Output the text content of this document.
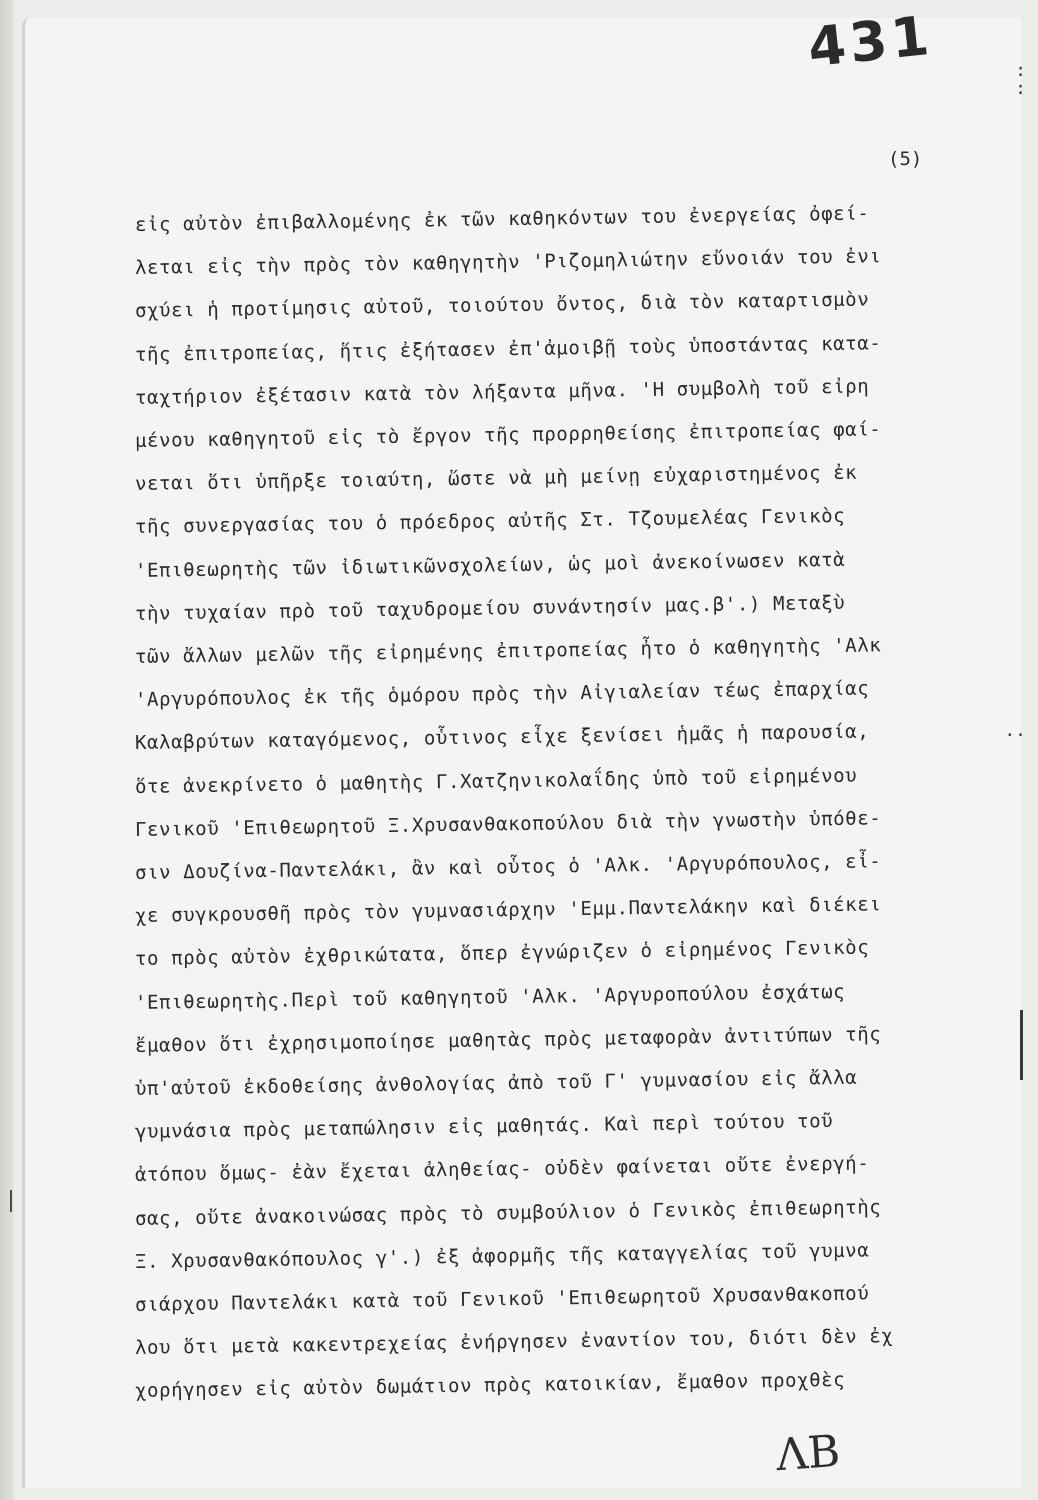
431
(5)
εἰς αὐτὸν ἐπιβαλλομένης ἐκ τῶν καθηκόντων του ἐνεργείας ὀφεί-
λεται εἰς τὴν πρὸς τὸν καθηγητὴν 'Ριζομηλιώτην εὔνοιάν του ἐνι
σχύει ἡ προτίμησις αὐτοῦ, τοιούτου ὄντος, διὰ τὸν καταρτισμὸν
τῆς ἐπιτροπείας, ἥτις ἐξήτασεν ἐπ'ἀμοιβῇ τοὺς ὑποστάντας κατα-
ταχτήριον ἐξέτασιν κατὰ τὸν λήξαντα μῆνα. 'Η συμβολὴ τοῦ εἰρη
μένου καθηγητοῦ εἰς τὸ ἔργον τῆς προρρηθείσης ἐπιτροπείας φαί-
νεται ὅτι ὑπῆρξε τοιαύτη, ὥστε νὰ μὴ μείνῃ εὐχαριστημένος ἐκ
τῆς συνεργασίας του ὁ πρόεδρος αὐτῆς Στ. Τζουμελέας Γενικὸς
'Επιθεωρητὴς τῶν ἰδιωτικῶνσχολείων, ὡς μοὶ ἀνεκοίνωσεν κατὰ
τὴν τυχαίαν πρὸ τοῦ ταχυδρομείου συνάντησίν μας.β'.) Μεταξὺ
τῶν ἄλλων μελῶν τῆς εἰρημένης ἐπιτροπείας ἦτο ὁ καθηγητὴς 'Αλκ
'Αργυρόπουλος ἐκ τῆς ὁμόρου πρὸς τὴν Αἰγιαλείαν τέως ἐπαρχίας
Καλαβρύτων καταγόμενος, οὗτινος εἶχε ξενίσει ἡμᾶς ἡ παρουσία,
ὅτε ἀνεκρίνετο ὁ μαθητὴς Γ.Χατζηνικολαΐδης ὑπὸ τοῦ εἰρημένου
Γενικοῦ 'Επιθεωρητοῦ Ξ.Χρυσανθακοπούλου διὰ τὴν γνωστὴν ὑπόθε-
σιν Δουζίνα-Παντελάκι, ἂν καὶ οὗτος ὁ 'Αλκ. 'Αργυρόπουλος, εἶ-
χε συγκρουσθῆ πρὸς τὸν γυμνασιάρχην 'Εμμ.Παντελάκην καὶ διέκει
το πρὸς αὐτὸν ἐχθρικώτατα, ὅπερ ἐγνώριζεν ὁ εἰρημένος Γενικὸς
'Επιθεωρητὴς.Περὶ τοῦ καθηγητοῦ 'Αλκ. 'Αργυροπούλου ἐσχάτως
ἔμαθον ὅτι ἐχρησιμοποίησε μαθητὰς πρὸς μεταφορὰν ἀντιτύπων τῆς
ὑπ'αὐτοῦ ἐκδοθείσης ἀνθολογίας ἀπὸ τοῦ Γ' γυμνασίου εἰς ἄλλα
γυμνάσια πρὸς μεταπώλησιν εἰς μαθητάς. Καὶ περὶ τούτου τοῦ
ἀτόπου ὅμως- ἐὰν ἔχεται ἀληθείας- οὐδὲν φαίνεται οὔτε ἐνεργή-
σας, οὔτε ἀνακοινώσας πρὸς τὸ συμβούλιον ὁ Γενικὸς ἐπιθεωρητὴς
Ξ. Χρυσανθακόπουλος γ'.) ἐξ ἀφορμῆς τῆς καταγγελίας τοῦ γυμνα
σιάρχου Παντελάκι κατὰ τοῦ Γενικοῦ 'Επιθεωρητοῦ Χρυσανθακοπού
λου ὅτι μετὰ κακεντρεχείας ἐνήργησεν ἐναντίον του, διότι δὲν ἐχ
χορήγησεν εἰς αὐτὸν δωμάτιον πρὸς κατοικίαν, ἔμαθον προχθὲς
:
:
..
ΛΒ
